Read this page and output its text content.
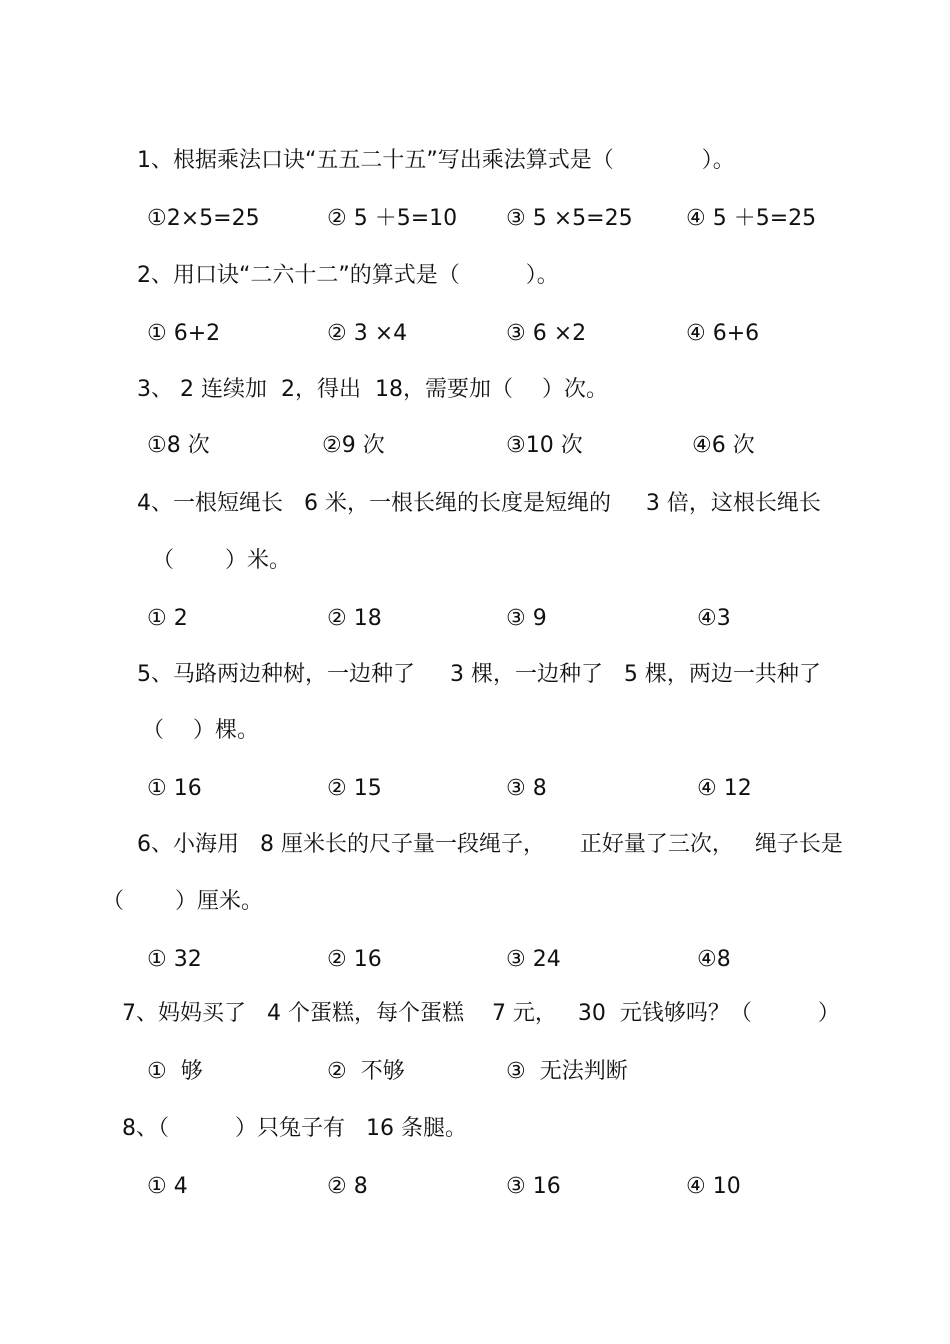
1、根据乘法口诀“五五二十五”写出乘法算式是（　　　　）。
①2×5=25	② 5 ＋5=10 ③ 5 ×5=25 ④ 5 ＋5=25
2、用口诀“二六十二”的算式是（　　　）。
① 6+2	② 3 ×4	③ 6 ×2	④ 6+6
3、 2 连续加  2，得出  18，需要加（　 ）次。
①8 次	②9 次	③10 次	④6 次
4、一根短绳长   6 米，一根长绳的长度是短绳的     3 倍，这根长绳长
（　　 ）米。
① 2	② 18	③ 9	④3
5、马路两边种树，一边种了     3 棵，一边种了   5 棵，两边一共种了
（　 ）棵。
① 16	② 15	③ 8	④ 12
6、小海用   8 厘米长的尺子量一段绳子，     正好量了三次，   绳子长是
（　　 ）厘米。
① 32	② 16	③ 24	④8
7、妈妈买了   4 个蛋糕，每个蛋糕    7 元，   30  元钱够吗？（　　　）
①  够	②  不够	③  无法判断
8、（　　　）只兔子有   16 条腿。
① 4	② 8	③ 16	④ 10
